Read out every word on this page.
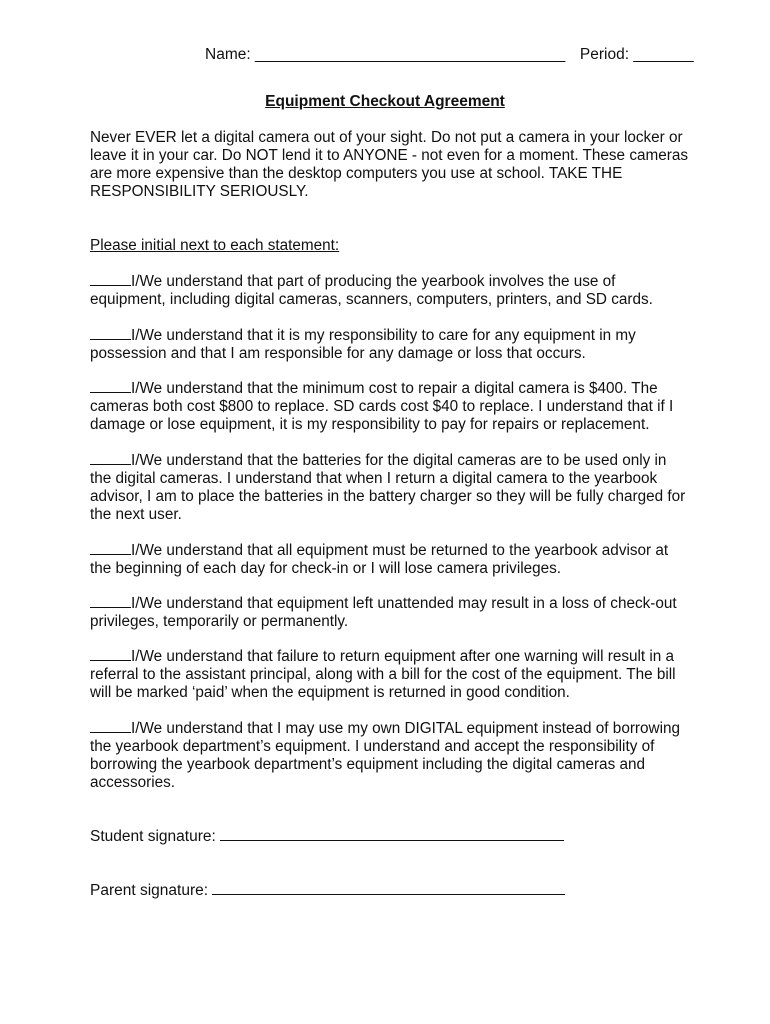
Name: ____________________________________ Period: _______
Equipment Checkout Agreement

Never EVER let a digital camera out of your sight. Do not put a camera in your locker or leave it in your car. Do NOT lend it to ANYONE - not even for a moment. These cameras are more expensive than the desktop computers you use at school. TAKE THE RESPONSIBILITY SERIOUSLY.

Please initial next to each statement:

I/We understand that part of producing the yearbook involves the use of equipment, including digital cameras, scanners, computers, printers, and SD cards.

I/We understand that it is my responsibility to care for any equipment in my possession and that I am responsible for any damage or loss that occurs.

I/We understand that the minimum cost to repair a digital camera is $400. The cameras both cost $800 to replace. SD cards cost $40 to replace. I understand that if I damage or lose equipment, it is my responsibility to pay for repairs or replacement.

I/We understand that the batteries for the digital cameras are to be used only in the digital cameras. I understand that when I return a digital camera to the yearbook advisor, I am to place the batteries in the battery charger so they will be fully charged for the next user.

I/We understand that all equipment must be returned to the yearbook advisor at the beginning of each day for check-in or I will lose camera privileges.

I/We understand that equipment left unattended may result in a loss of check-out privileges, temporarily or permanently.

I/We understand that failure to return equipment after one warning will result in a referral to the assistant principal, along with a bill for the cost of the equipment. The bill will be marked ‘paid’ when the equipment is returned in good condition.

I/We understand that I may use my own DIGITAL equipment instead of borrowing the yearbook department’s equipment. I understand and accept the responsibility of borrowing the yearbook department’s equipment including the digital cameras and accessories.

Student signature:
Parent signature:
